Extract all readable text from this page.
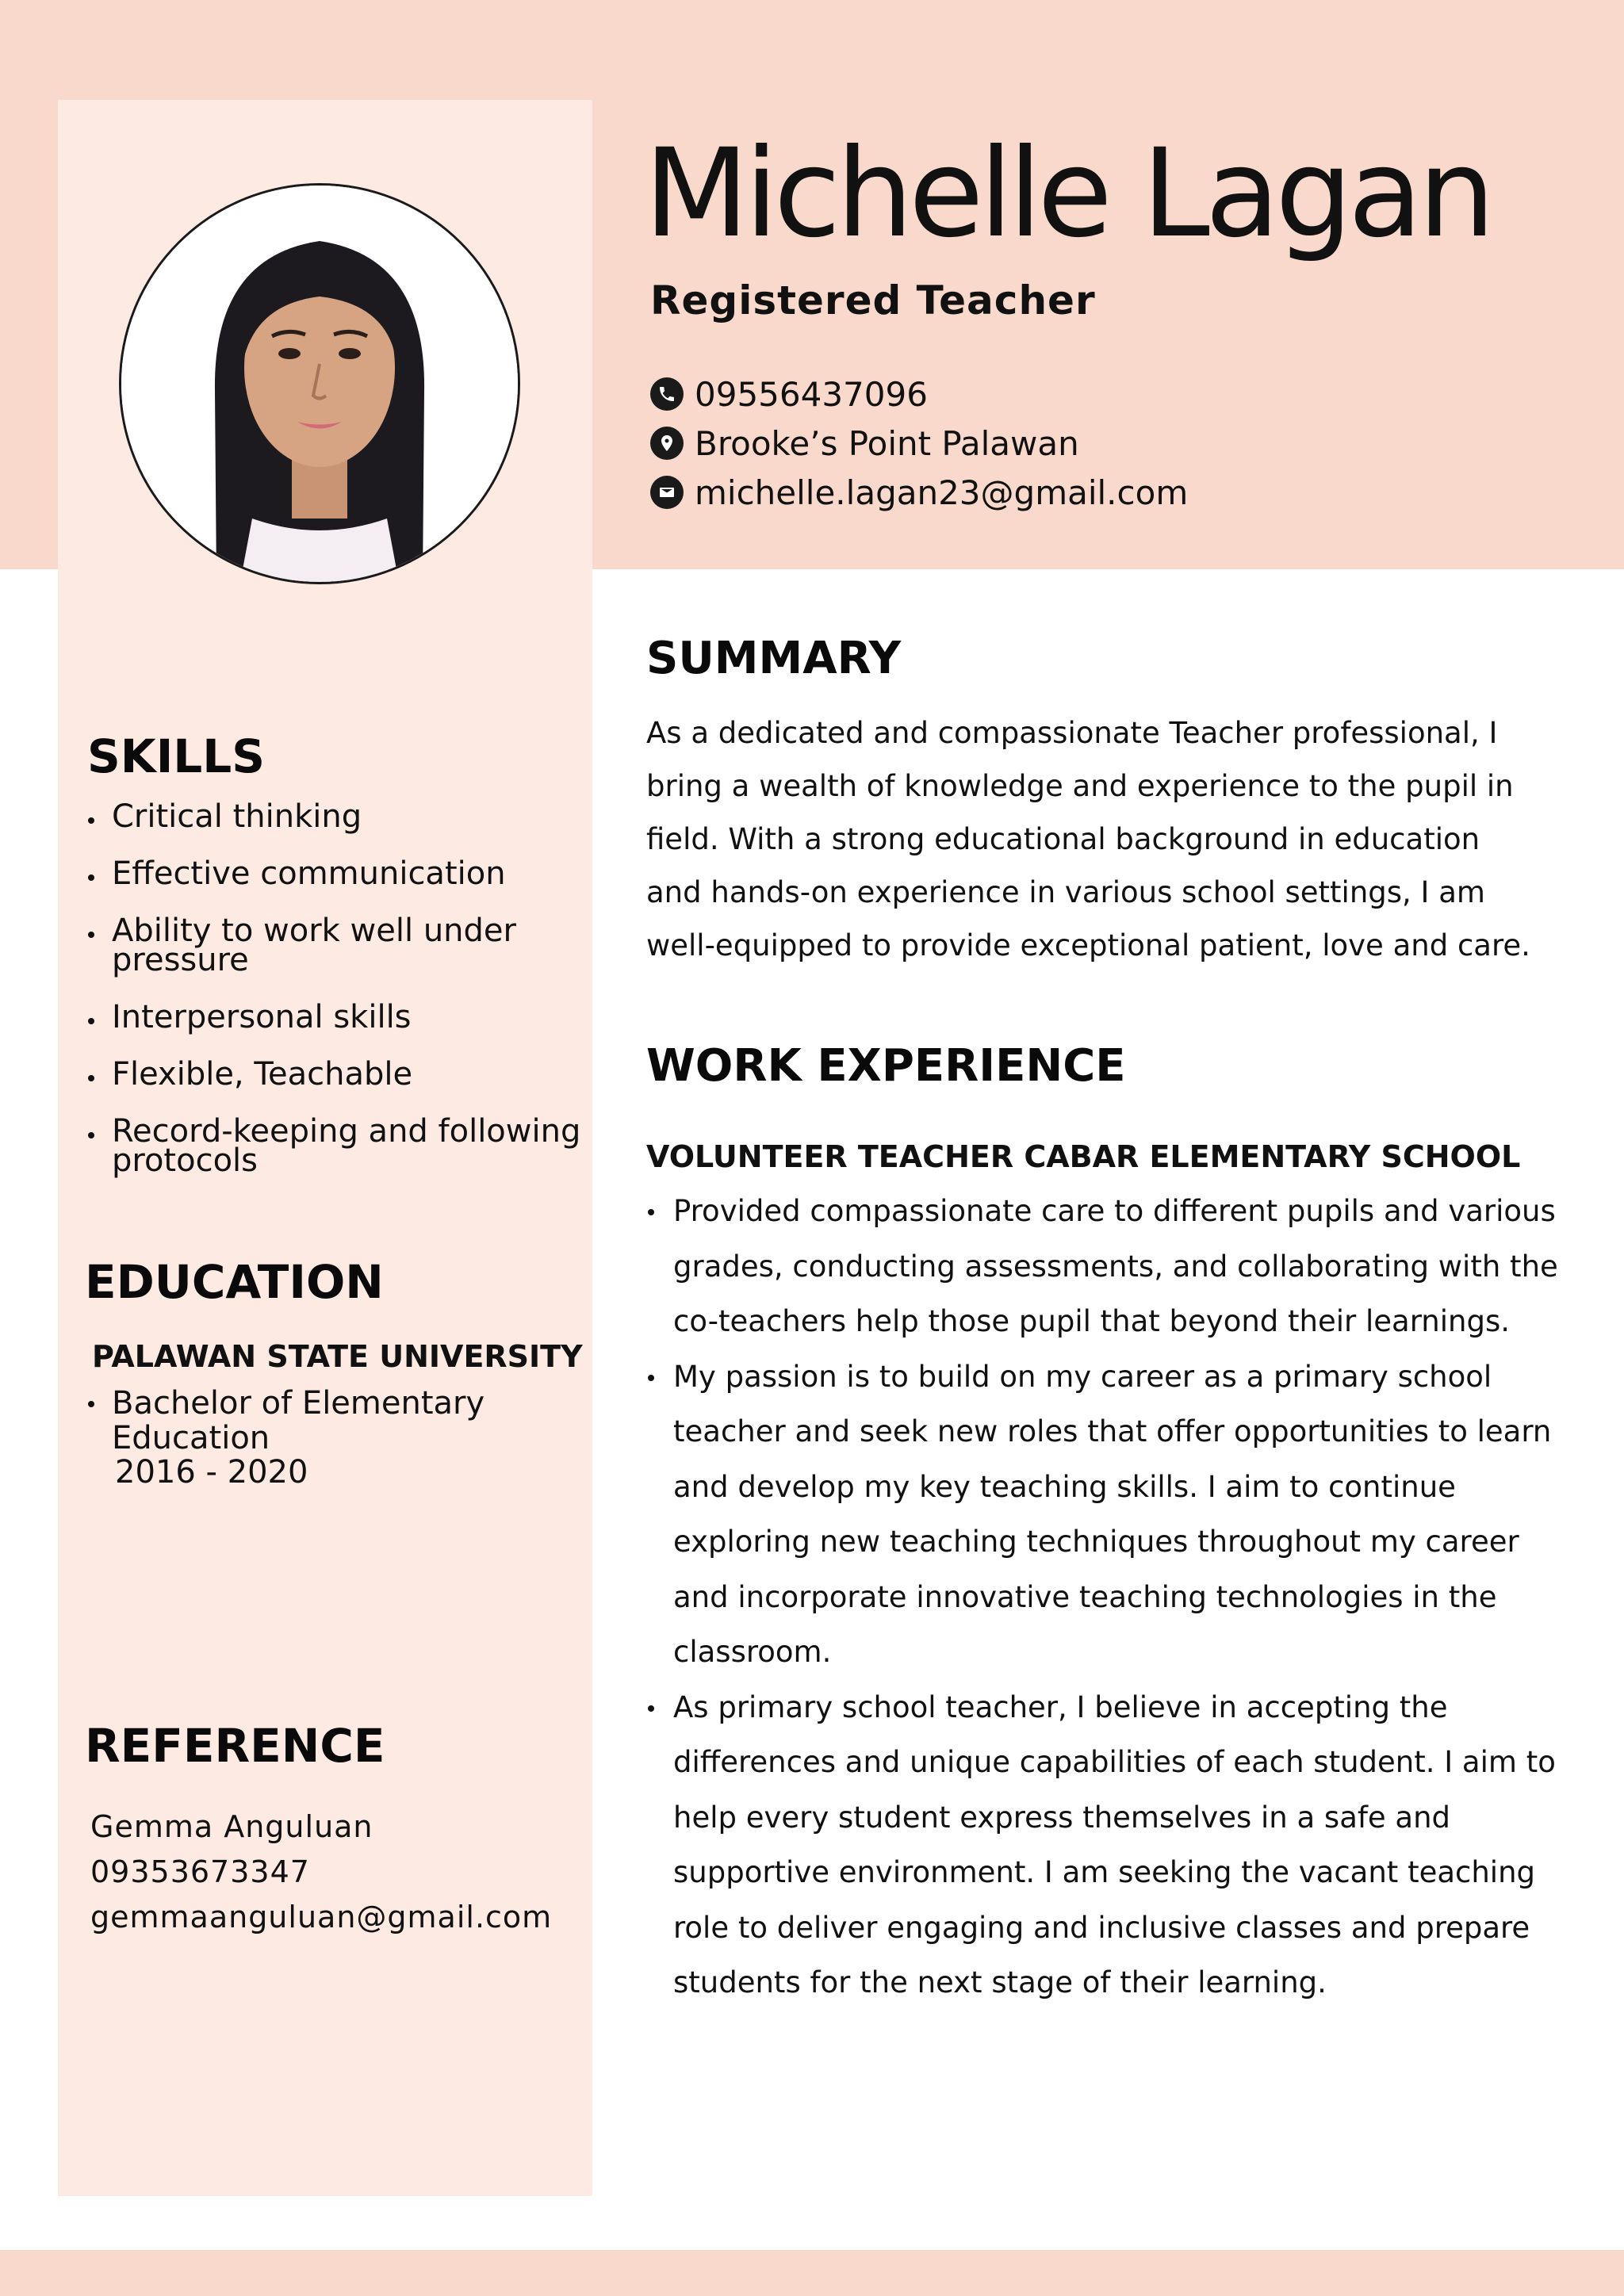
Michelle Lagan
Registered Teacher
09556437096
Brooke’s Point Palawan
michelle.lagan23@gmail.com
SKILLS
Critical thinking
Effective communication
Ability to work well under pressure
Interpersonal skills
Flexible, Teachable
Record-keeping and following protocols
EDUCATION
PALAWAN STATE UNIVERSITY
Bachelor of Elementary Education
2016 - 2020
REFERENCE
Gemma Anguluan
09353673347
gemmaanguluan@gmail.com
SUMMARY

As a dedicated and compassionate Teacher professional, I bring a wealth of knowledge and experience to the pupil in field. With a strong educational background in education and hands-on experience in various school settings, I am well-equipped to provide exceptional patient, love and care.

WORK EXPERIENCE
VOLUNTEER TEACHER CABAR ELEMENTARY SCHOOL
Provided compassionate care to different pupils and various grades, conducting assessments, and collaborating with the co-teachers help those pupil that beyond their learnings.
My passion is to build on my career as a primary school teacher and seek new roles that offer opportunities to learn and develop my key teaching skills. I aim to continue exploring new teaching techniques throughout my career and incorporate innovative teaching technologies in the classroom.
As primary school teacher, I believe in accepting the differences and unique capabilities of each student. I aim to help every student express themselves in a safe and supportive environment. I am seeking the vacant teaching role to deliver engaging and inclusive classes and prepare students for the next stage of their learning.
